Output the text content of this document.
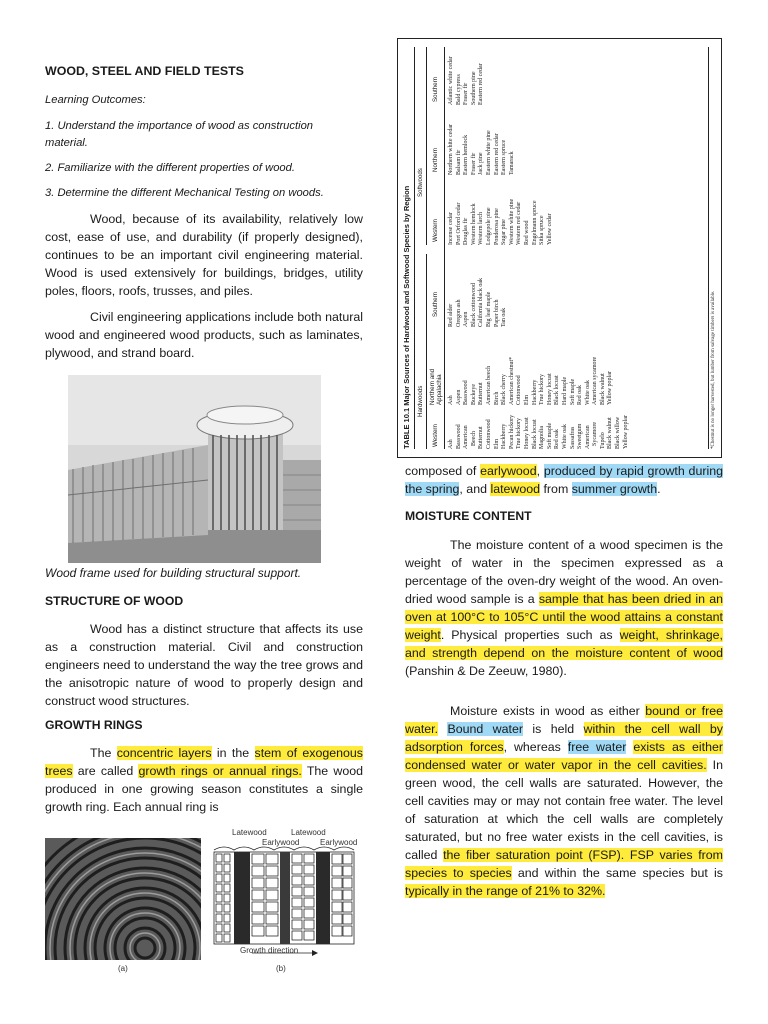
WOOD, STEEL AND FIELD TESTS
Learning Outcomes:
1. Understand the importance of wood as construction material.
2. Familiarize with the different properties of wood.
3. Determine the different Mechanical Testing on woods.

Wood, because of its availability, relatively low cost, ease of use, and durability (if properly designed), continues to be an important civil engineering material. Wood is used extensively for buildings, bridges, utility poles, floors, roofs, trusses, and piles.

Civil engineering applications include both natural wood and engineered wood products, such as laminates, plywood, and strand board.

Wood frame used for building structural support.
STRUCTURE OF WOOD

Wood has a distinct structure that affects its use as a construction material. Civil and construction engineers need to understand the way the tree grows and the anisotropic nature of wood to properly design and construct wood structures.

GROWTH RINGS

The concentric layers in the stem of exogenous trees are called growth rings or annual rings. The wood produced in one growing season constitutes a single growth ring. Each annual ring is

(a)
Latewood
Earlywood
Latewood
Earlywood
Growth direction
(b)
TABLE 10.1 Major Sources of Hardwood and Softwood Species by Region Hardwoods
Softwoods
Western
Northern and Appalachia
Southern
Western
Northern
Southern
Ash
Basswood
American
Beech
Butternut
Cottonwood
Elm
Hackberry
Pecan hickory
True hickory
Honey locust
Black locust
Magnolia
Soft maple
Red oak
White oak
Sassafras
Sweetgum
American
Sycamore
Tupelo
Black walnut
Black willow
Yellow poplar
Ash
Aspen
Basswood
Buckeye
Butternut
American beech
Birch
Black cherry
American chestnut*
Cottonwood
Elm
Hackberry
True hickory
Honey locust
Black locust
Hard maple
Soft maple
Red oak
White oak
American sycamore
Black walnut
Yellow poplar
Red alder
Oregon ash
Aspen
Black cottonwood
California black oak
Big leaf maple
Paper birch
Tan oak
Incense cedar
Port Orford cedar
Douglas fir
Western hemlock
Western larch
Lodgepole pine
Ponderosa pine
Sugar pine
Western white pine
Western red cedar
Red wood
Engelmann spruce
Sitka spruce
Yellow cedar
Northern white cedar
Balsam fir
Eastern hemlock
Fraser fir
Jack pine
Eastern white pine
Eastern red cedar
Eastern spruce
Tamarack
Atlantic white cedar
Bald cypress
Fraser fir
Southern pine
Eastern red cedar
*Chestnut is no longer harvested, but lumber from salvage timbers is available.

composed of earlywood, produced by rapid growth during the spring, and latewood from summer growth.

MOISTURE CONTENT

The moisture content of a wood specimen is the weight of water in the specimen expressed as a percentage of the oven-dry weight of the wood. An oven-dried wood sample is a sample that has been dried in an oven at 100°C to 105°C until the wood attains a constant weight. Physical properties such as weight, shrinkage, and strength depend on the moisture content of wood (Panshin & De Zeeuw, 1980).

Moisture exists in wood as either bound or free water. Bound water is held within the cell wall by adsorption forces, whereas free water exists as either condensed water or water vapor in the cell cavities. In green wood, the cell walls are saturated. However, the cell cavities may or may not contain free water. The level of saturation at which the cell walls are completely saturated, but no free water exists in the cell cavities, is called the fiber saturation point (FSP). FSP varies from species to species and within the same species but is typically in the range of 21% to 32%.
